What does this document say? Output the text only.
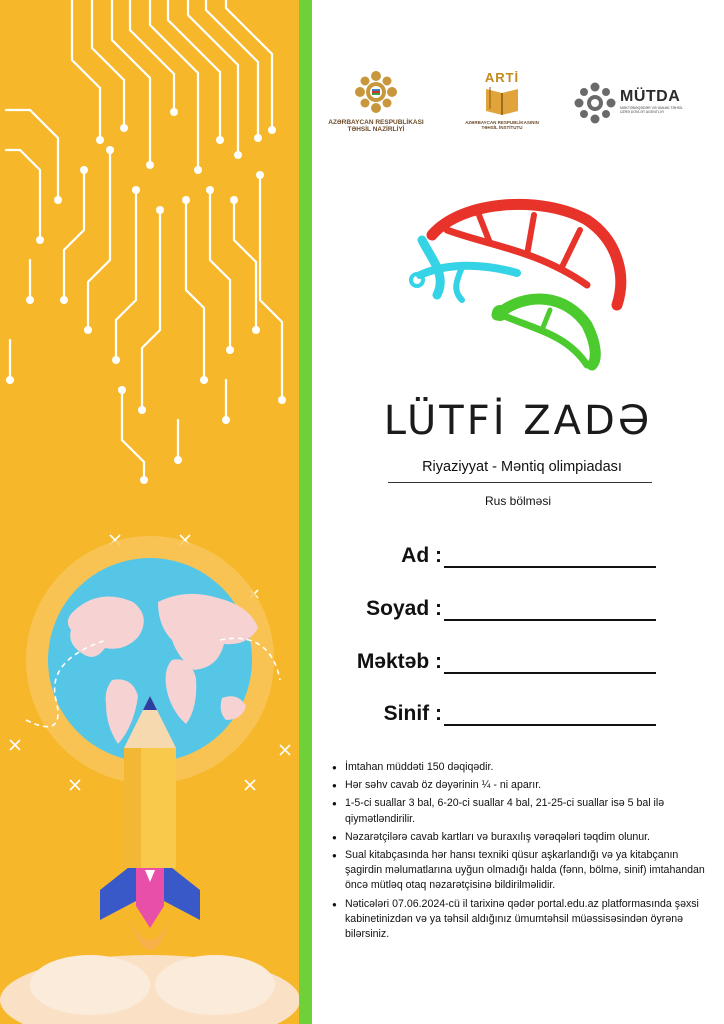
AZƏRBAYCAN RESPUBLİKASI
TƏHSİL NAZİRLİYİ
ARTİ
AZƏRBAYCAN RESPUBLİKASININ
TƏHSİL İNSTİTUTU
MÜTDA
MƏKTƏBƏQƏDƏR VƏ ÜMUMİ TƏHSİL
ÜZRƏ DÖVLƏT AGENTLİYİ
LÜTFİ ZADƏ
Riyaziyyat - Məntiq olimpiadası
Rus bölməsi
Ad :
Soyad :
Məktəb :
Sinif :
● İmtahan müddəti 150 dəqiqədir.
● Hər səhv cavab öz dəyərinin ¼ - ni aparır.
● 1-5-ci suallar 3 bal, 6-20-ci suallar 4 bal, 21-25-ci suallar isə 5 bal ilə qiymətləndirilir.
● Nəzarətçilərə cavab kartları və buraxılış vərəqələri təqdim olunur.
● Sual kitabçasında hər hansı texniki qüsur aşkarlandığı və ya kitabçanın şagirdin məlumatlarına uyğun olmadığı halda (fənn, bölmə, sinif) imtahandan öncə mütləq otaq nəzarətçisinə bildirilməlidir.
● Nəticələri 07.06.2024-cü il tarixinə qədər portal.edu.az platformasında şəxsi kabinetinizdən və ya təhsil aldığınız ümumtəhsil müəssisəsindən öyrənə bilərsiniz.
